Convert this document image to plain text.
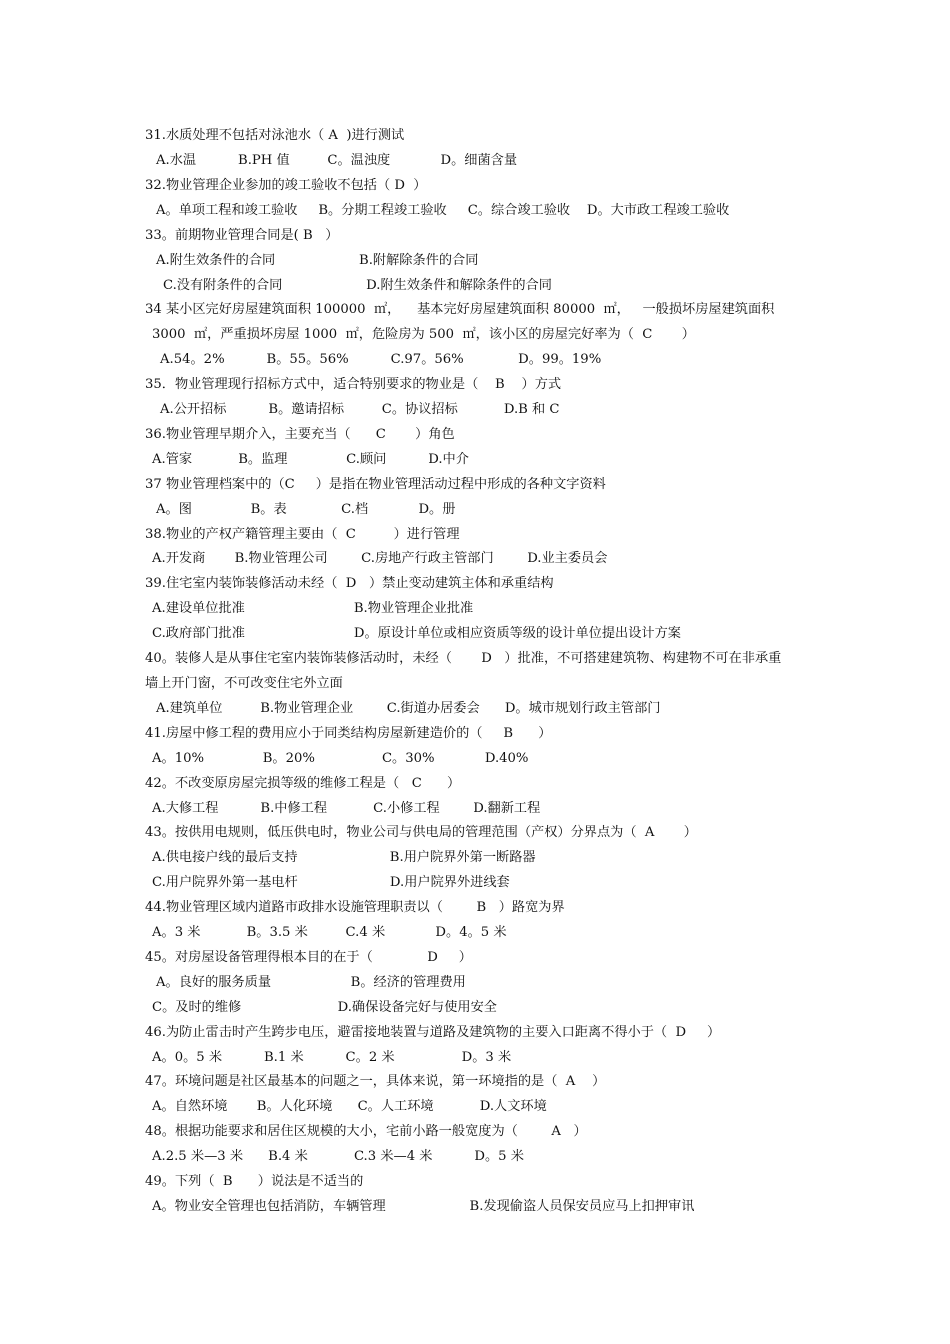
31.水质处理不包括对泳池水（ A  )进行测试
A.水温          B.PH 值         C。温浊度            D。细菌含量
32.物业管理企业参加的竣工验收不包括（ D  ）
A。单项工程和竣工验收     B。分期工程竣工验收     C。综合竣工验收    D。大市政工程竣工验收
33。前期物业管理合同是( B   ）
A.附生效条件的合同                    B.附解除条件的合同
C.没有附条件的合同                    D.附生效条件和解除条件的合同
34 某小区完好房屋建筑面积 100000  ㎡，    基本完好房屋建筑面积 80000  ㎡，   一般损坏房屋建筑面积
3000  ㎡，严重损坏房屋 1000  ㎡，危险房为 500  ㎡，该小区的房屋完好率为（  C       ）
A.54。2%          B。55。56%          C.97。56%             D。99。19%
35．物业管理现行招标方式中，适合特别要求的物业是（    B    ）方式
A.公开招标          B。邀请招标         C。协议招标           D.B 和 C
36.物业管理早期介入，主要充当（      C       ）角色
A.管家           B。监理              C.顾问          D.中介
37 物业管理档案中的（C     ）是指在物业管理活动过程中形成的各种文字资料
A。图              B。表             C.档            D。册
38.物业的产权产籍管理主要由（  C         ）进行管理
A.开发商       B.物业管理公司        C.房地产行政主管部门        D.业主委员会
39.住宅室内装饰装修活动未经（  D   ）禁止变动建筑主体和承重结构
A.建设单位批准                          B.物业管理企业批准
C.政府部门批准                          D。原设计单位或相应资质等级的设计单位提出设计方案
40。装修人是从事住宅室内装饰装修活动时，未经（       D   ）批准，不可搭建建筑物、构建物不可在非承重
墙上开门窗，不可改变住宅外立面
A.建筑单位         B.物业管理企业        C.街道办居委会      D。城市规划行政主管部门
41.房屋中修工程的费用应小于同类结构房屋新建造价的（     B      ）
A。10%              B。20%                C。30%            D.40%
42。不改变原房屋完损等级的维修工程是（   C      ）
A.大修工程          B.中修工程           C.小修工程        D.翻新工程
43。按供用电规则，低压供电时，物业公司与供电局的管理范围（产权）分界点为（  A       ）
A.供电接户线的最后支持                      B.用户院界外第一断路器
C.用户院界外第一基电杆                      D.用户院界外进线套
44.物业管理区域内道路市政排水设施管理职责以（        B   ）路宽为界
A。3 米           B。3.5 米         C.4 米            D。4。5 米
45。对房屋设备管理得根本目的在于（             D     ）
A。良好的服务质量                   B。经济的管理费用
C。及时的维修                       D.确保设备完好与使用安全
46.为防止雷击时产生跨步电压，避雷接地装置与道路及建筑物的主要入口距离不得小于（  D     ）
A。0。5 米          B.1 米          C。2 米                D。3 米
47。环境问题是社区最基本的问题之一，具体来说，第一环境指的是（  A    ）
A。自然环境       B。人化环境      C。人工环境           D.人文环境
48。根据功能要求和居住区规模的大小，宅前小路一般宽度为（        A   ）
A.2.5 米—3 米      B.4 米           C.3 米—4 米          D。5 米
49。下列（  B      ）说法是不适当的
A。物业安全管理也包括消防，车辆管理                    B.发现偷盗人员保安员应马上扣押审讯
